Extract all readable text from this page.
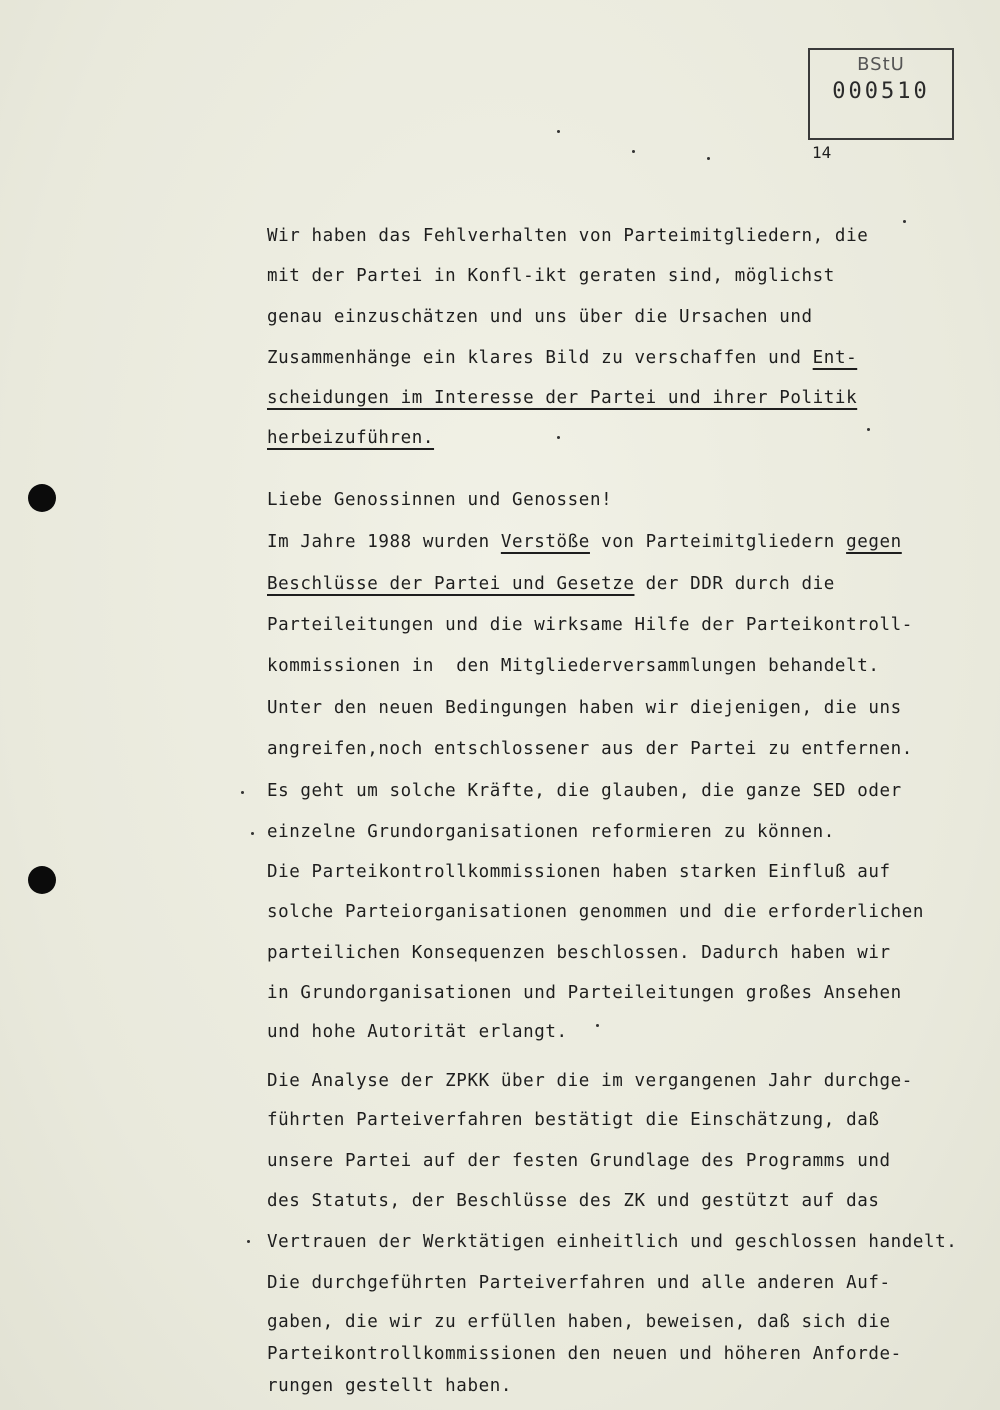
BStU
000510
14
Wir haben das Fehlverhalten von Parteimitgliedern, die
mit der Partei in Konfl-ikt geraten sind, möglichst
genau einzuschätzen und uns über die Ursachen und
Zusammenhänge ein klares Bild zu verschaffen und Ent-
scheidungen im Interesse der Partei und ihrer Politik
herbeizuführen.
Liebe Genossinnen und Genossen!
Im Jahre 1988 wurden Verstöße von Parteimitgliedern gegen
Beschlüsse der Partei und Gesetze der DDR durch die
Parteileitungen und die wirksame Hilfe der Parteikontroll-
kommissionen in  den Mitgliederversammlungen behandelt.
Unter den neuen Bedingungen haben wir diejenigen, die uns
angreifen,noch entschlossener aus der Partei zu entfernen.
Es geht um solche Kräfte, die glauben, die ganze SED oder
einzelne Grundorganisationen reformieren zu können.
Die Parteikontrollkommissionen haben starken Einfluß auf
solche Parteiorganisationen genommen und die erforderlichen
parteilichen Konsequenzen beschlossen. Dadurch haben wir
in Grundorganisationen und Parteileitungen großes Ansehen
und hohe Autorität erlangt.
Die Analyse der ZPKK über die im vergangenen Jahr durchge-
führten Parteiverfahren bestätigt die Einschätzung, daß
unsere Partei auf der festen Grundlage des Programms und
des Statuts, der Beschlüsse des ZK und gestützt auf das
Vertrauen der Werktätigen einheitlich und geschlossen handelt.
Die durchgeführten Parteiverfahren und alle anderen Auf-
gaben, die wir zu erfüllen haben, beweisen, daß sich die
Parteikontrollkommissionen den neuen und höheren Anforde-
rungen gestellt haben.
